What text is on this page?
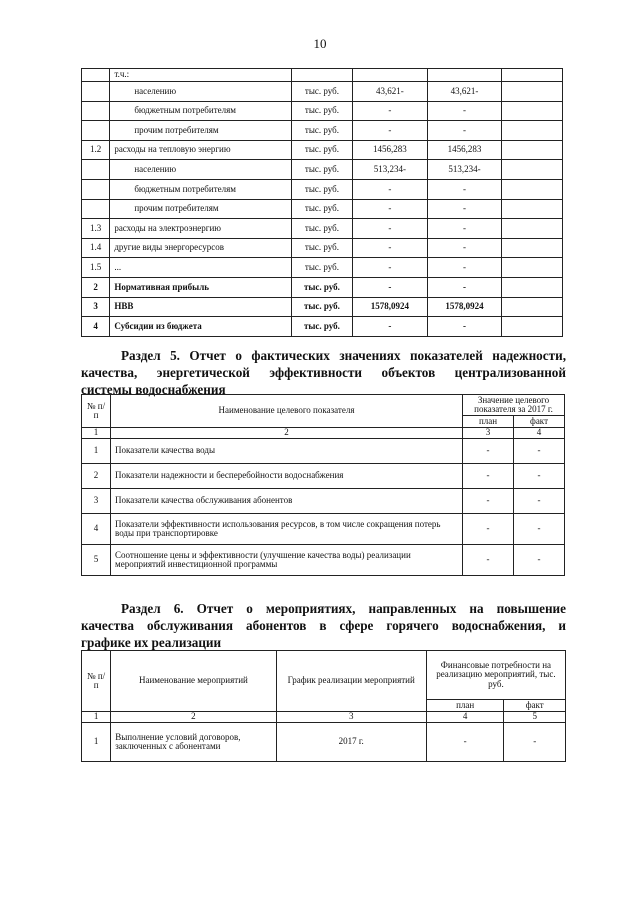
10
	т.ч.:				
	населению	тыс. руб.	43,621-	43,621-	
	бюджетным потребителям	тыс. руб.	-	-	
	прочим потребителям	тыс. руб.	-	-	
1.2	расходы на тепловую энергию	тыс. руб.	1456,283	1456,283	
	населению	тыс. руб.	513,234-	513,234-	
	бюджетным потребителям	тыс. руб.	-	-	
	прочим потребителям	тыс. руб.	-	-	
1.3	расходы на электроэнергию	тыс. руб.	-	-	
1.4	другие виды энергоресурсов	тыс. руб.	-	-	
1.5	...	тыс. руб.	-	-	
2	Нормативная прибыль	тыс. руб.	-	-	
3	НВВ	тыс. руб.	1578,0924	1578,0924	
4	Субсидии из бюджета	тыс. руб.	-	-	
Раздел 5. Отчет о фактических значениях показателей надежности,
качества, энергетической эффективности объектов централизованной
системы водоснабжения
№ п/п	Наименование целевого показателя	Значение целевого показателя за 2017 г.	
		план	факт
1	2	3	4
1	Показатели качества воды	-	-
2	Показатели надежности и бесперебойности водоснабжения	-	-
3	Показатели качества обслуживания абонентов	-	-
4	Показатели эффективности использования ресурсов, в том числе сокращения потерь воды при транспортировке	-	-
5	Соотношение цены и эффективности (улучшение качества воды) реализации мероприятий инвестиционной программы	-	-
Раздел 6. Отчет о мероприятиях, направленных на повышение
качества обслуживания абонентов в сфере горячего водоснабжения, и
графике их реализации
№ п/п	Наименование мероприятий	График реализации мероприятий	Финансовые потребности на реализацию мероприятий, тыс. руб.	
			план	факт
1	2	3	4	5
1	Выполнение условий договоров, заключенных с абонентами	2017 г.	-	-
